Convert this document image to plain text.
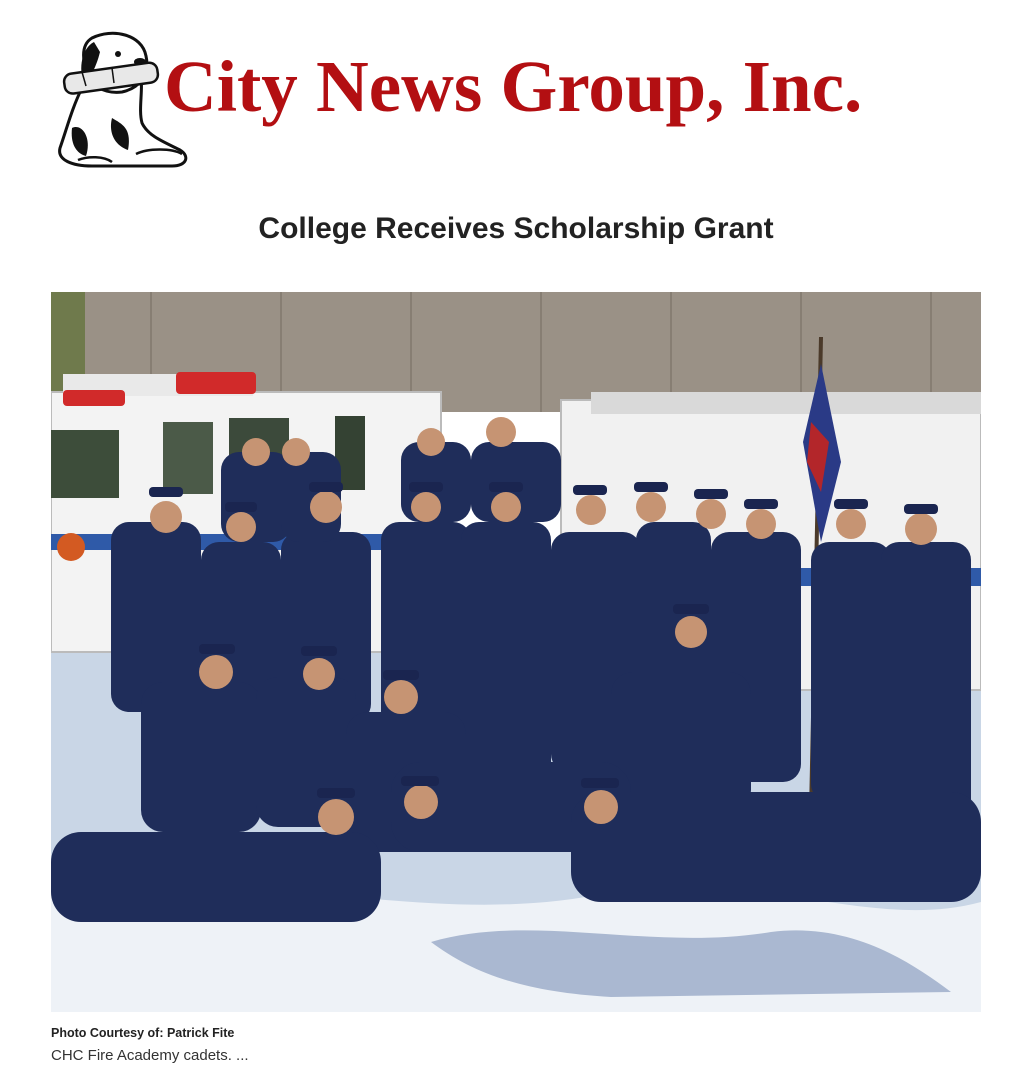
City News Group, Inc.
College Receives Scholarship Grant
Photo Courtesy of: Patrick Fite
CHC Fire Academy cadets. ...
